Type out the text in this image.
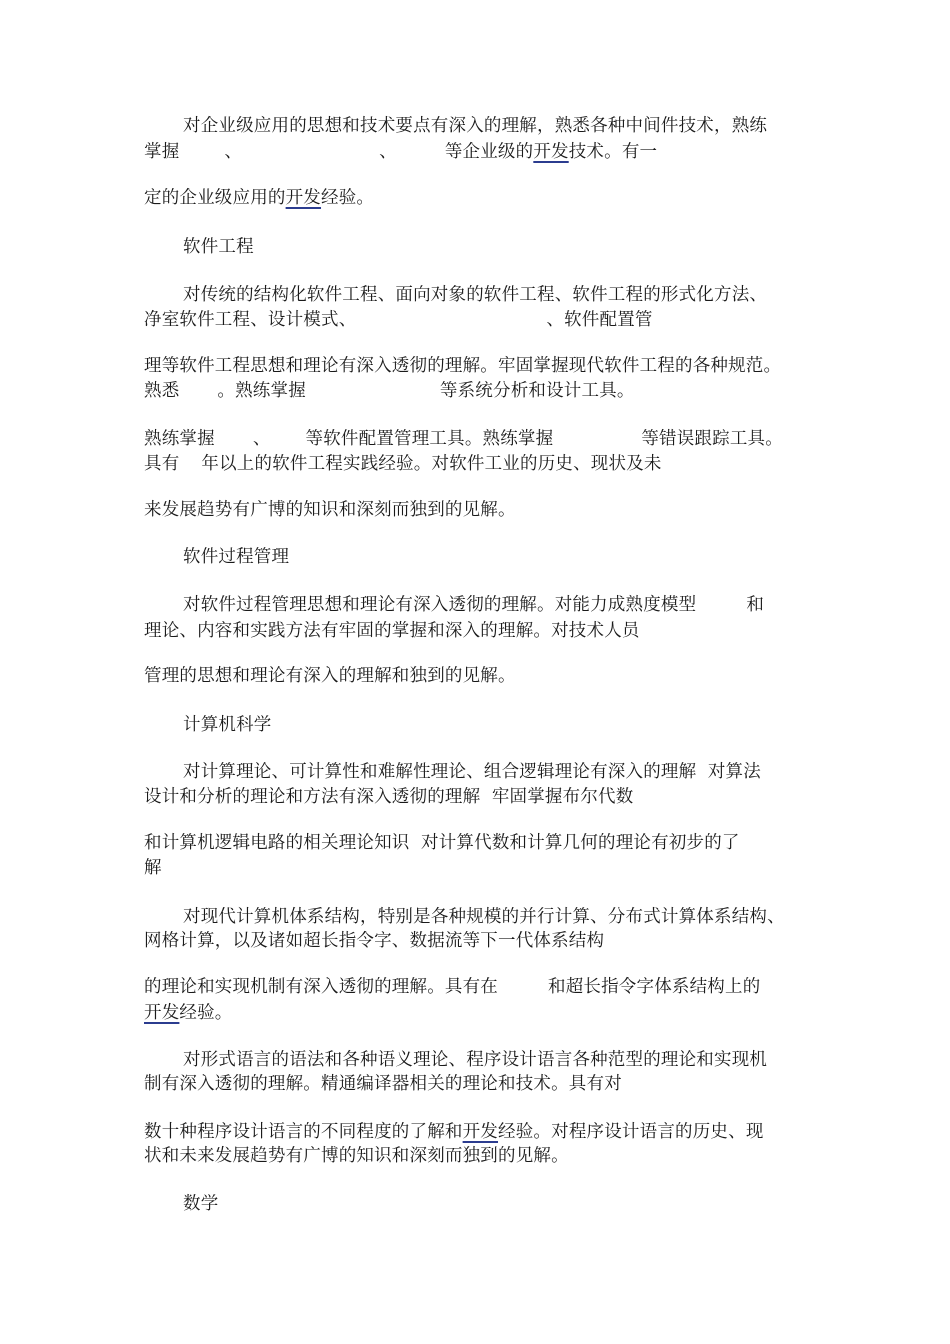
对企业级应用的思想和技术要点有深入的理解，熟悉各种中间件技术，熟练
掌握	、	、	等企业级的开发技术。有一
定的企业级应用的开发经验。
软件工程
对传统的结构化软件工程、面向对象的软件工程、软件工程的形式化方法、
净室软件工程、设计模式、	、软件配置管
理等软件工程思想和理论有深入透彻的理解。牢固掌握现代软件工程的各种规范。
熟悉 。熟练掌握	等系统分析和设计工具。
熟练掌握 、 等软件配置管理工具。熟练掌握	等错误跟踪工具。
具有 年以上的软件工程实践经验。对软件工业的历史、现状及未
来发展趋势有广博的知识和深刻而独到的见解。
软件过程管理
对软件过程管理思想和理论有深入透彻的理解。对能力成熟度模型	和
理论、内容和实践方法有牢固的掌握和深入的理解。对技术人员
管理的思想和理论有深入的理解和独到的见解。
计算机科学
对计算理论、可计算性和难解性理论、组合逻辑理论有深入的理解  对算法
设计和分析的理论和方法有深入透彻的理解  牢固掌握布尔代数
和计算机逻辑电路的相关理论知识  对计算代数和计算几何的理论有初步的了
解
对现代计算机体系结构，特别是各种规模的并行计算、分布式计算体系结构、
网格计算，以及诸如超长指令字、数据流等下一代体系结构
的理论和实现机制有深入透彻的理解。具有在	和超长指令字体系结构上的
开发经验。
对形式语言的语法和各种语义理论、程序设计语言各种范型的理论和实现机
制有深入透彻的理解。精通编译器相关的理论和技术。具有对
数十种程序设计语言的不同程度的了解和开发经验。对程序设计语言的历史、现
状和未来发展趋势有广博的知识和深刻而独到的见解。
数学
